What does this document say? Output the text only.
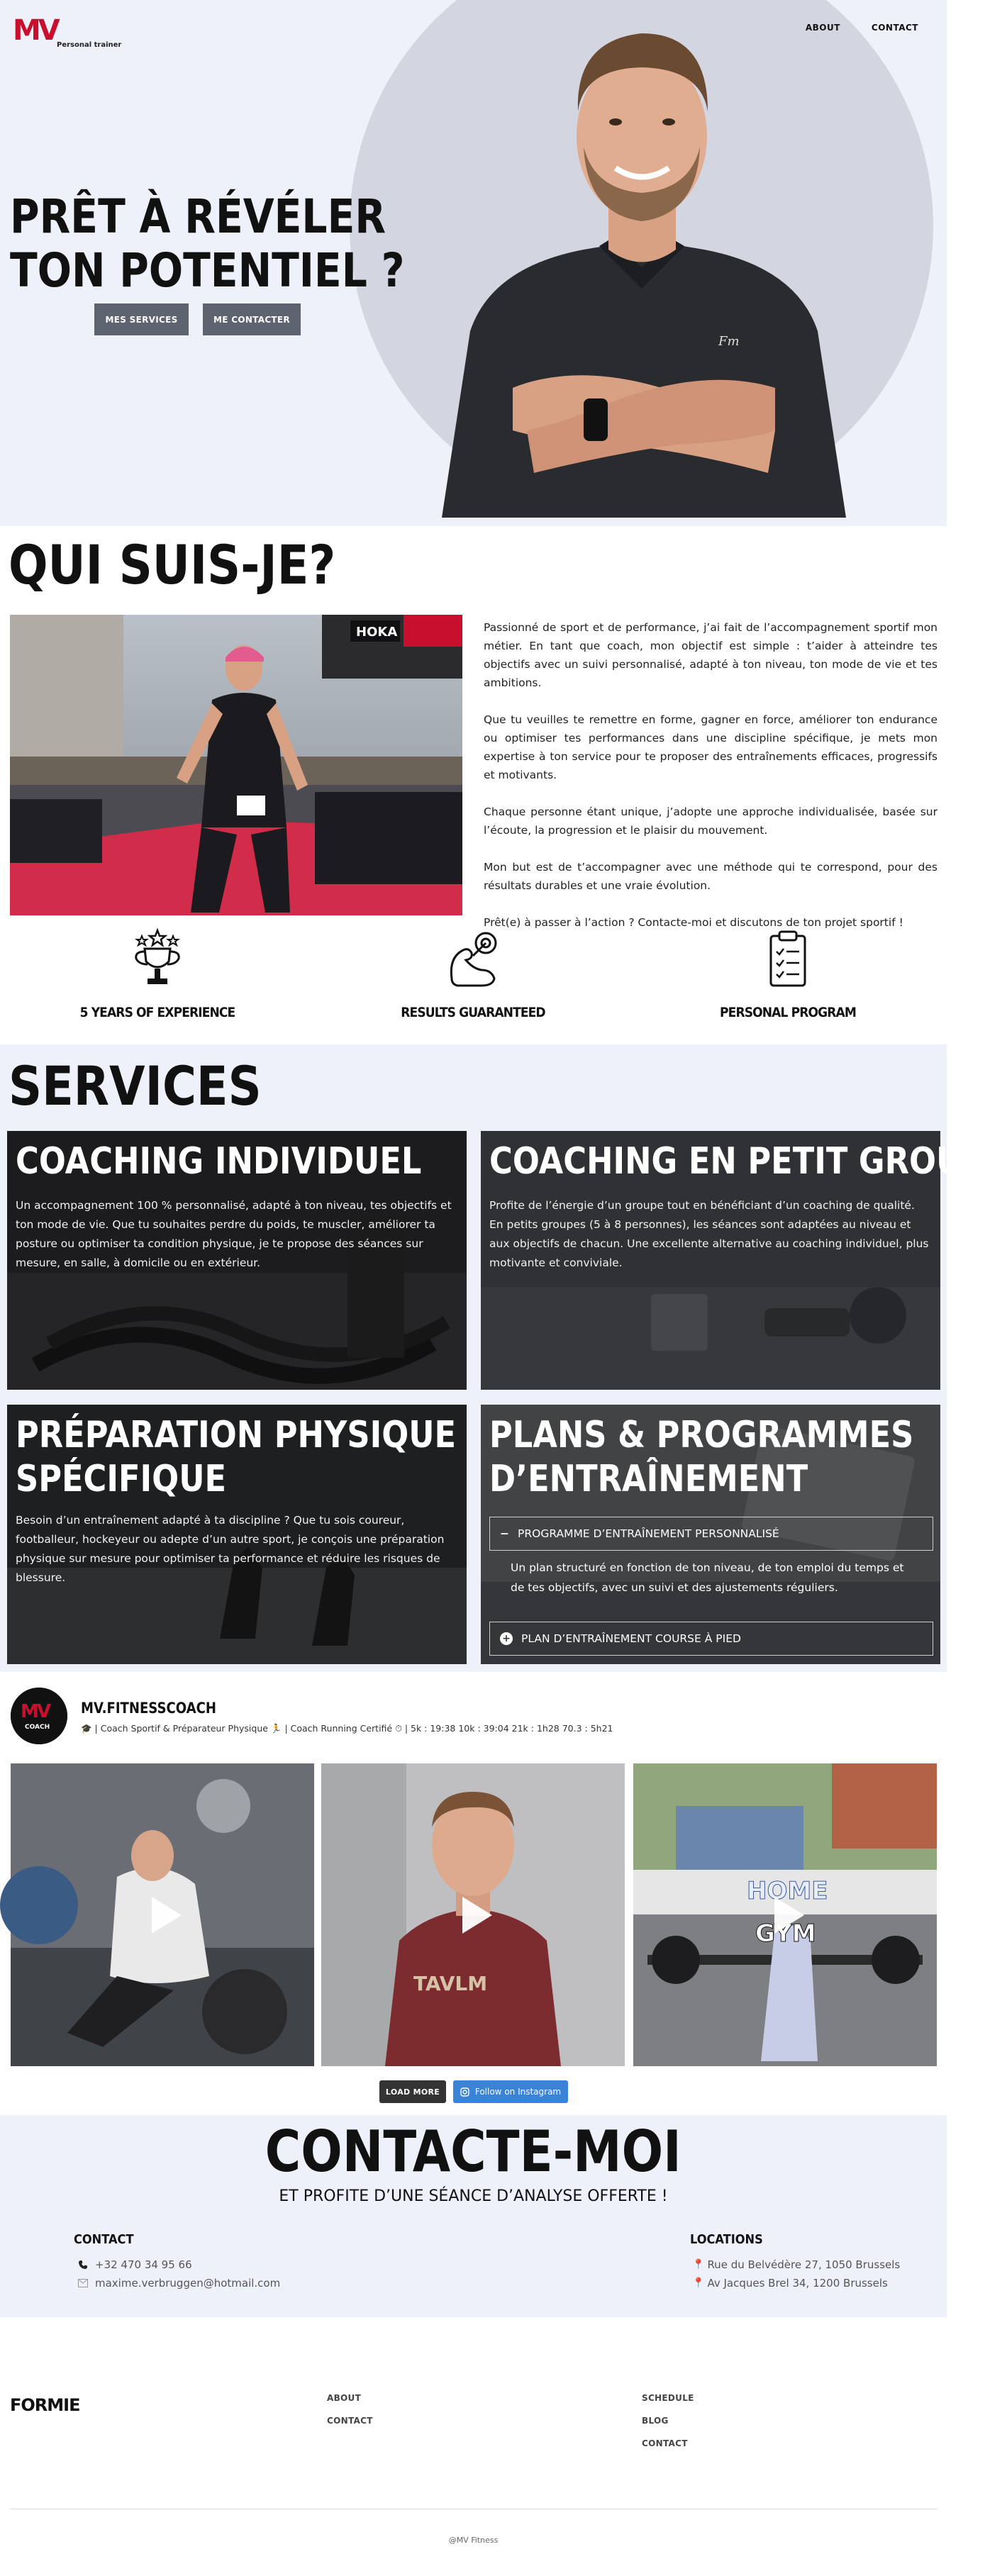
Fm
MV Personal trainer
ABOUT	CONTACT
PRÊT À RÉVÉLER
TON POTENTIEL ?
MES SERVICES	ME CONTACTER
QUI SUIS-JE?
HOKA	Passionné de sport et de performance, j’ai fait de l’accompagnement sportif mon métier. En tant que coach, mon objectif est simple : t’aider à atteindre tes objectifs avec un suivi personnalisé, adapté à ton niveau, ton mode de vie et tes ambitions.

Que tu veuilles te remettre en forme, gagner en force, améliorer ton endurance ou optimiser tes performances dans une discipline spécifique, je mets mon expertise à ton service pour te proposer des entraînements efficaces, progressifs et motivants.

Chaque personne étant unique, j’adopte une approche individualisée, basée sur l’écoute, la progression et le plaisir du mouvement.

Mon but est de t’accompagner avec une méthode qui te correspond, pour des résultats durables et une vraie évolution.

Prêt(e) à passer à l’action ? Contacte-moi et discutons de ton projet sportif !

5 YEARS OF EXPERIENCE	RESULTS GUARANTEED	PERSONAL PROGRAM
SERVICES
COACHING INDIVIDUEL
Un accompagnement 100 % personnalisé, adapté à ton niveau, tes objectifs et ton mode de vie. Que tu souhaites perdre du poids, te muscler, améliorer ta posture ou optimiser ta condition physique, je te propose des séances sur mesure, en salle, à domicile ou en extérieur.
COACHING EN PETIT GROUPE
Profite de l’énergie d’un groupe tout en bénéficiant d’un coaching de qualité. En petits groupes (5 à 8 personnes), les séances sont adaptées au niveau et aux objectifs de chacun. Une excellente alternative au coaching individuel, plus motivante et conviviale.
PRÉPARATION PHYSIQUE
SPÉCIFIQUE
Besoin d’un entraînement adapté à ta discipline ? Que tu sois coureur, footballeur, hockeyeur ou adepte d’un autre sport, je conçois une préparation physique sur mesure pour optimiser ta performance et réduire les risques de blessure.
PLANS & PROGRAMMES
D’ENTRAÎNEMENT
− PROGRAMME D’ENTRAÎNEMENT PERSONNALISÉ
Un plan structuré en fonction de ton niveau, de ton emploi du temps et de tes objectifs, avec un suivi et des ajustements réguliers.
+ PLAN D’ENTRAÎNEMENT COURSE À PIED
MV
COACH
MV.FITNESSCOACH
🎓 | Coach Sportif & Préparateur Physique 🏃 | Coach Running Certifié ⏱ | 5k : 19:38 10k : 39:04 21k : 1h28 70.3 : 5h21
TAVLM
HOME
GYM
LOAD MORE	Follow on Instagram
CONTACTE-MOI
ET PROFITE D’UNE SÉANCE D’ANALYSE OFFERTE !
CONTACT
+32 470 34 95 66
maxime.verbruggen@hotmail.com
LOCATIONS
📍 Rue du Belvédère 27, 1050 Brussels
📍 Av Jacques Brel 34, 1200 Brussels
FORMIE	ABOUT
CONTACT
SCHEDULE
BLOG
CONTACT
@MV Fitness
